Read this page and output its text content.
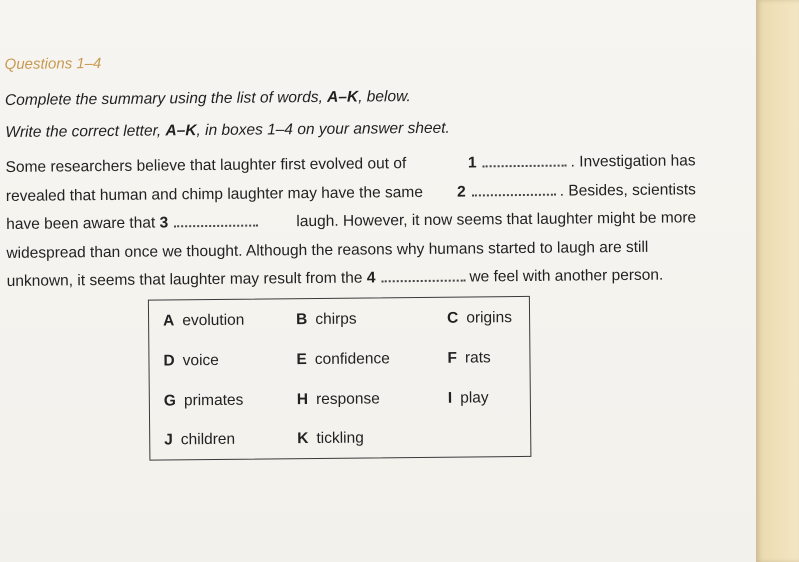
Questions 1–4
Complete the summary using the list of words, A–K, below.
Write the correct letter, A–K, in boxes 1–4 on your answer sheet.
Some researchers believe that laughter first evolved out of	1	. Investigation has
revealed that human and chimp laughter may have the same 2	. Besides, scientists
have been aware that 3	laugh. However, it now seems that laughter might be more
widespread than once we thought. Although the reasons why humans started to laugh are still
unknown, it seems that laughter may result from the 4	we feel with another person.
A evolution	B chirps	C origins
D voice	E confidence	F rats
G primates	H response	I play
J children	K tickling
